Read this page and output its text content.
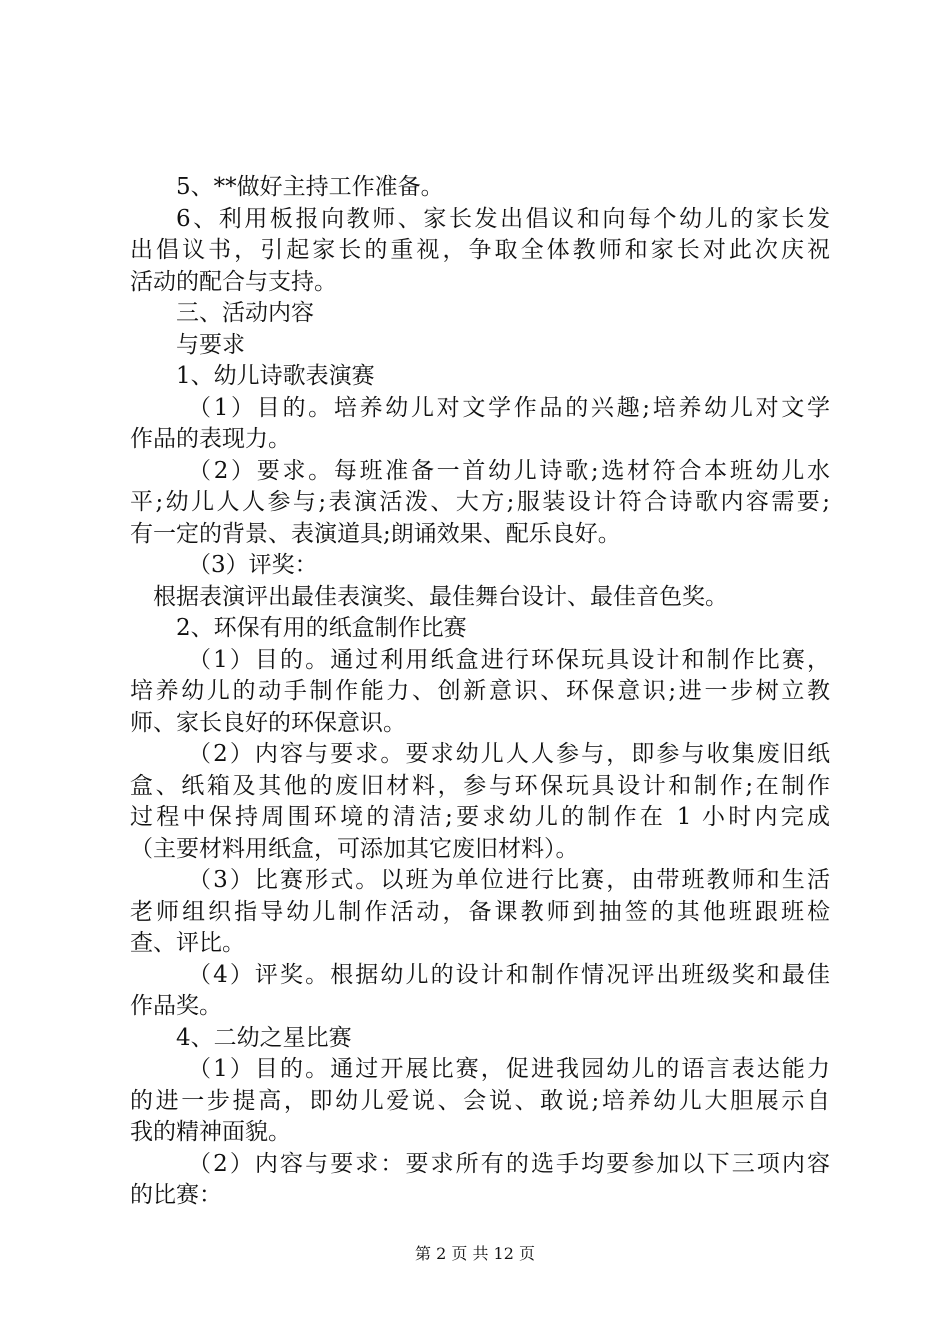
5、**做好主持工作准备。
6、利用板报向教师、家长发出倡议和向每个幼儿的家长发
出倡议书，引起家长的重视，争取全体教师和家长对此次庆祝
活动的配合与支持。
三、活动内容
与要求
1、幼儿诗歌表演赛
（1）目的。培养幼儿对文学作品的兴趣;培养幼儿对文学
作品的表现力。
（2）要求。每班准备一首幼儿诗歌;选材符合本班幼儿水
平;幼儿人人参与;表演活泼、大方;服装设计符合诗歌内容需要;
有一定的背景、表演道具;朗诵效果、配乐良好。
（3）评奖：
根据表演评出最佳表演奖、最佳舞台设计、最佳音色奖。
2、环保有用的纸盒制作比赛
（1）目的。通过利用纸盒进行环保玩具设计和制作比赛，
培养幼儿的动手制作能力、创新意识、环保意识;进一步树立教
师、家长良好的环保意识。
（2）内容与要求。要求幼儿人人参与，即参与收集废旧纸
盒、纸箱及其他的废旧材料，参与环保玩具设计和制作;在制作
过程中保持周围环境的清洁;要求幼儿的制作在 1 小时内完成
（主要材料用纸盒，可添加其它废旧材料）。
（3）比赛形式。以班为单位进行比赛，由带班教师和生活
老师组织指导幼儿制作活动，备课教师到抽签的其他班跟班检
查、评比。
（4）评奖。根据幼儿的设计和制作情况评出班级奖和最佳
作品奖。
4、二幼之星比赛
（1）目的。通过开展比赛，促进我园幼儿的语言表达能力
的进一步提高，即幼儿爱说、会说、敢说;培养幼儿大胆展示自
我的精神面貌。
（2）内容与要求：要求所有的选手均要参加以下三项内容
的比赛：
第 2 页 共 12 页
